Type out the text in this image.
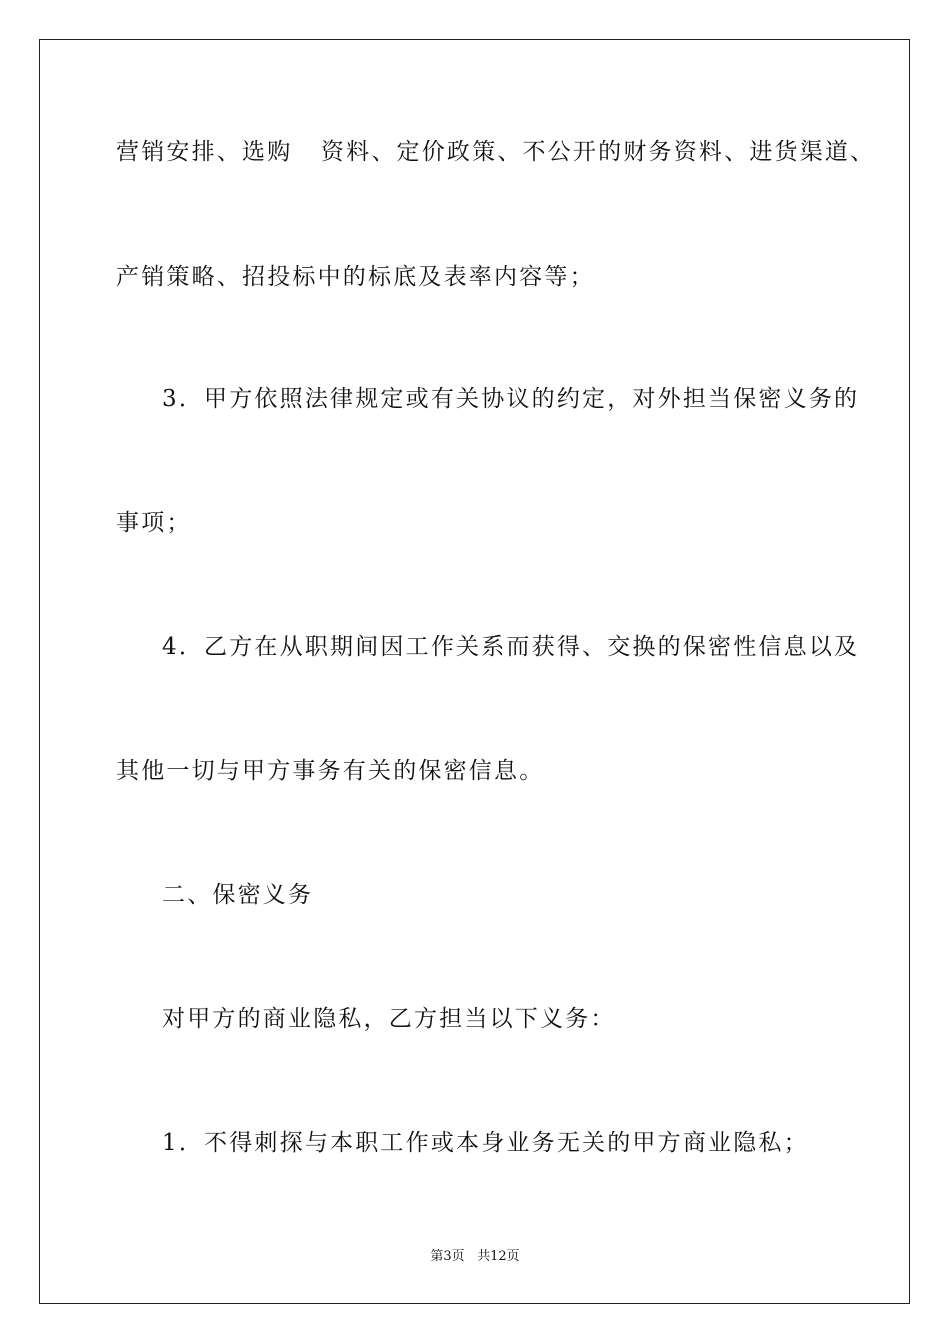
营销安排、选购   资料、定价政策、不公开的财务资料、进货渠道、
产销策略、招投标中的标底及表率内容等；
3．甲方依照法律规定或有关协议的约定，对外担当保密义务的
事项；
4．乙方在从职期间因工作关系而获得、交换的保密性信息以及
其他一切与甲方事务有关的保密信息。
二、保密义务
对甲方的商业隐私，乙方担当以下义务：
1．不得刺探与本职工作或本身业务无关的甲方商业隐私；
第3页 共12页
